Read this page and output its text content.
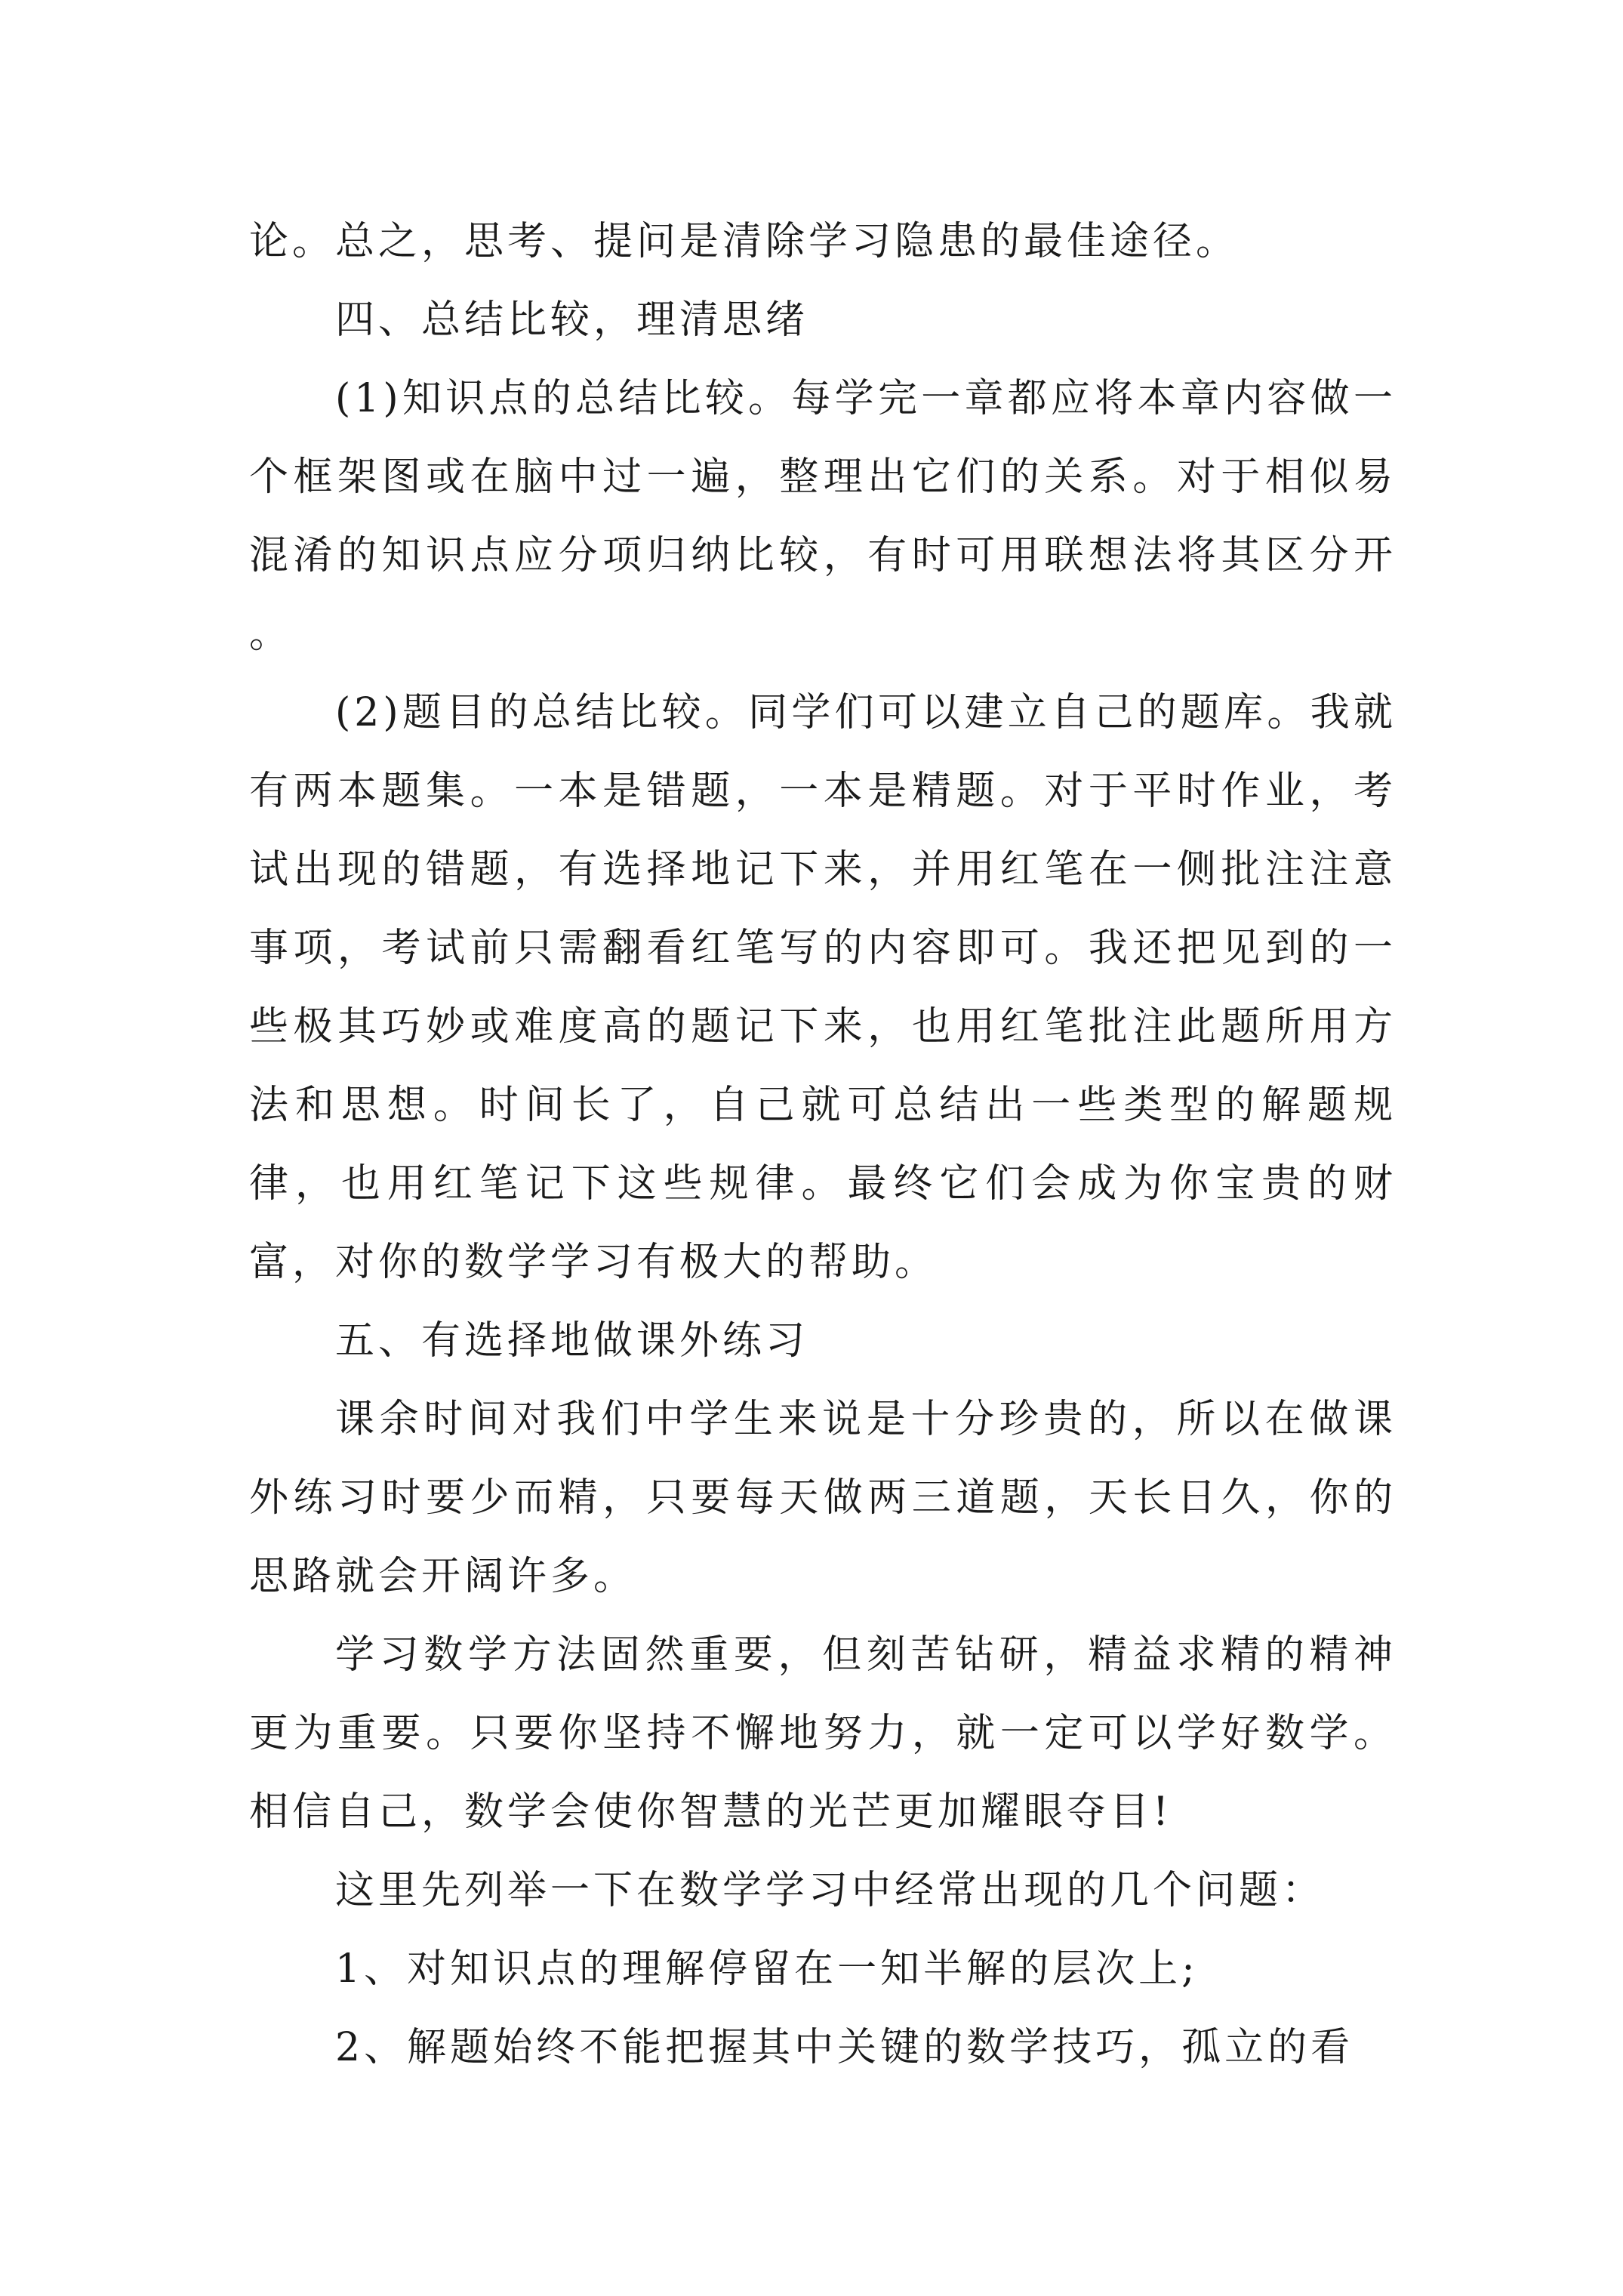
论。总之，思考、提问是清除学习隐患的最佳途径。

四、总结比较，理清思绪

(1)知识点的总结比较。每学完一章都应将本章内容做一个框架图或在脑中过一遍，整理出它们的关系。对于相似易混淆的知识点应分项归纳比较，有时可用联想法将其区分开 。

(2)题目的总结比较。同学们可以建立自己的题库。我就有两本题集。一本是错题，一本是精题。对于平时作业，考试出现的错题，有选择地记下来，并用红笔在一侧批注注意事项，考试前只需翻看红笔写的内容即可。我还把见到的一些极其巧妙或难度高的题记下来，也用红笔批注此题所用方法和思想。时间长了，自己就可总结出一些类型的解题规律，也用红笔记下这些规律。最终它们会成为你宝贵的财富，对你的数学学习有极大的帮助。

五、有选择地做课外练习

课余时间对我们中学生来说是十分珍贵的，所以在做课外练习时要少而精，只要每天做两三道题，天长日久，你的思路就会开阔许多。

学习数学方法固然重要，但刻苦钻研，精益求精的精神更为重要。只要你坚持不懈地努力，就一定可以学好数学。相信自己，数学会使你智慧的光芒更加耀眼夺目!

这里先列举一下在数学学习中经常出现的几个问题：

1、对知识点的理解停留在一知半解的层次上;

2、解题始终不能把握其中关键的数学技巧，孤立的看
